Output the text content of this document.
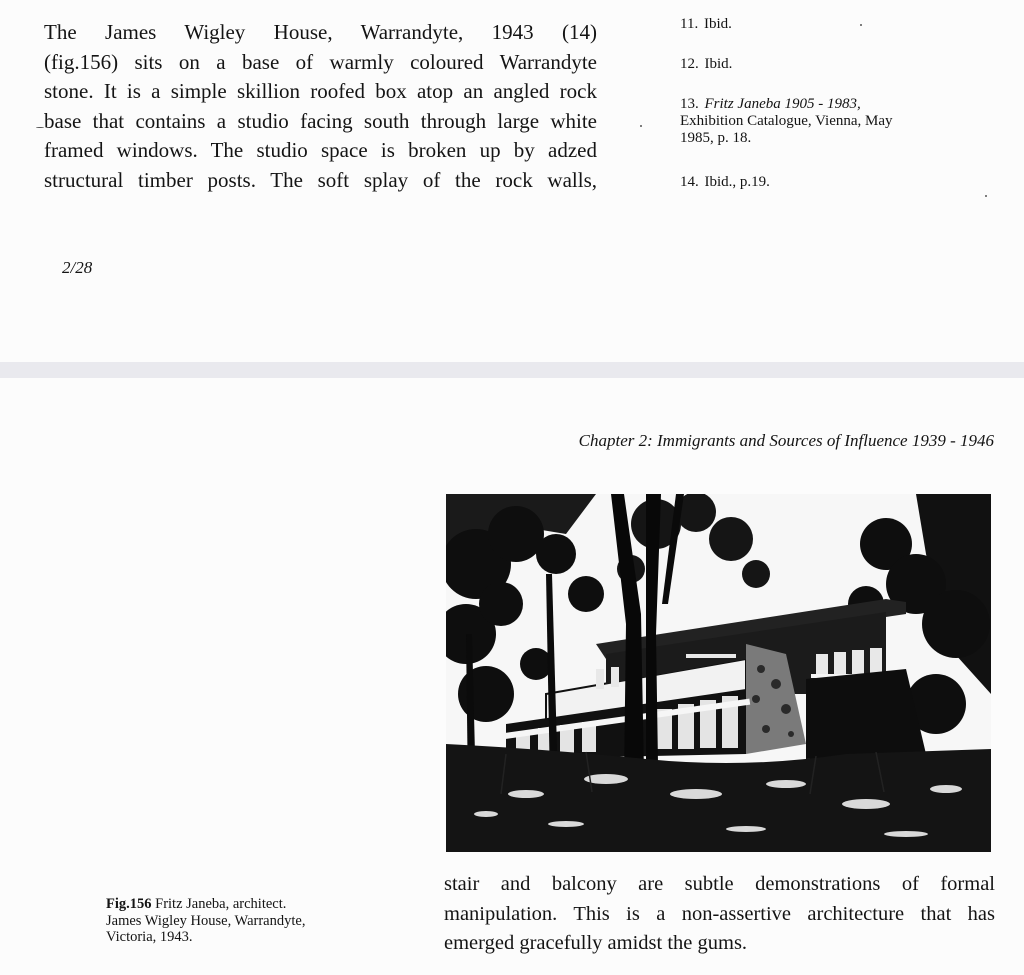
The James Wigley House, Warrandyte, 1943 (14)
(fig.156) sits on a base of warmly coloured Warrandyte
stone. It is a simple skillion roofed box atop an angled rock
base that contains a studio facing south through large white
framed windows. The studio space is broken up by adzed
structural timber posts. The soft splay of the rock walls,
11. Ibid.
12. Ibid.
13. Fritz Janeba 1905 - 1983,
Exhibition Catalogue, Vienna, May
1985, p. 18.
14. Ibid., p.19.
2/28
Chapter 2: Immigrants and Sources of Influence 1939 - 1946
stair and balcony are subtle demonstrations of formal
manipulation. This is a non-assertive architecture that has
emerged gracefully amidst the gums.
Fig.156 Fritz Janeba, architect.
James Wigley House, Warrandyte,
Victoria, 1943.
